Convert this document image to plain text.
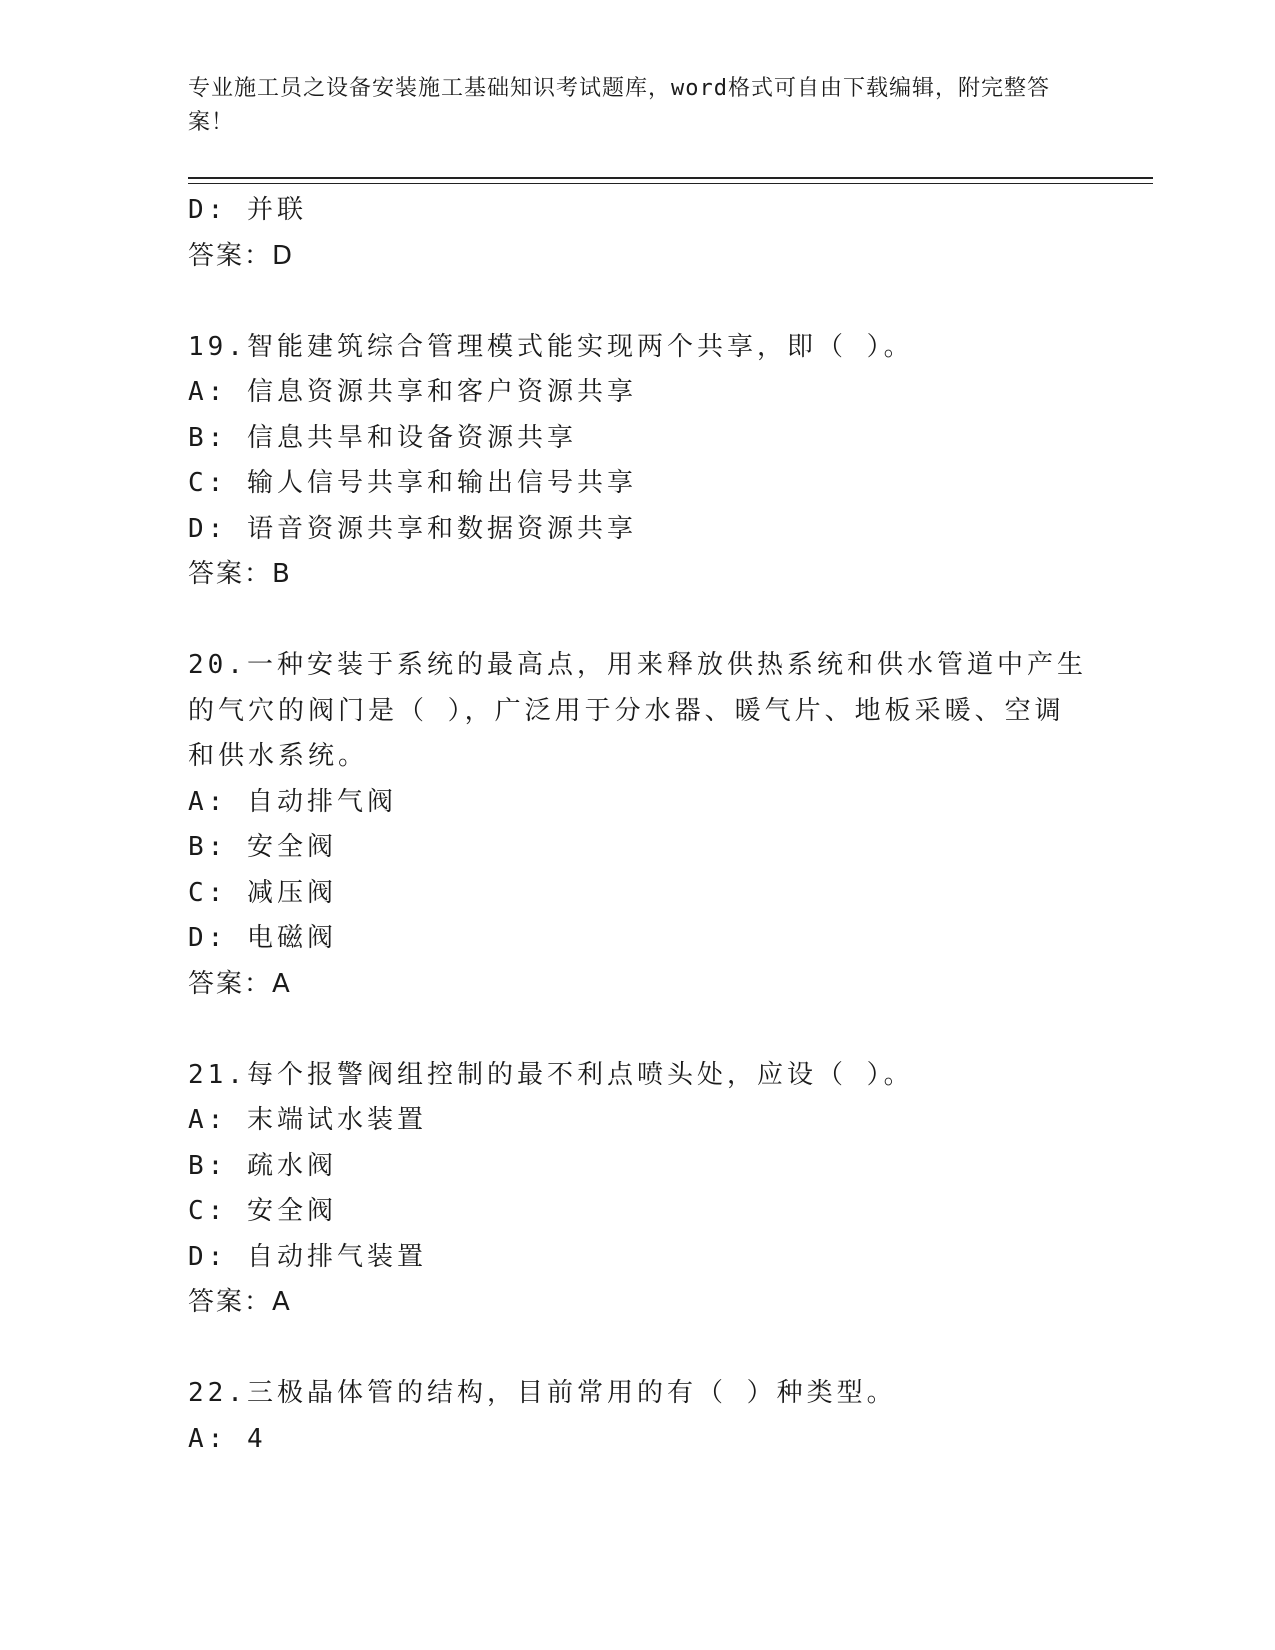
专业施工员之设备安装施工基础知识考试题库，word格式可自由下载编辑，附完整答案！
D: 并联
答案：D
19.智能建筑综合管理模式能实现两个共享，即（ ）。
A: 信息资源共享和客户资源共享
B: 信息共旱和设备资源共享
C: 输人信号共享和输出信号共享
D: 语音资源共享和数据资源共享
答案：B
20.一种安装于系统的最高点，用来释放供热系统和供水管道中产生的气穴的阀门是（ ），广泛用于分水器、暖气片、地板采暖、空调和供水系统。
A: 自动排气阀
B: 安全阀
C: 减压阀
D: 电磁阀
答案：A
21.每个报警阀组控制的最不利点喷头处，应设（ ）。
A: 末端试水装置
B: 疏水阀
C: 安全阀
D: 自动排气装置
答案：A
22.三极晶体管的结构，目前常用的有（ ）种类型。
A: 4
